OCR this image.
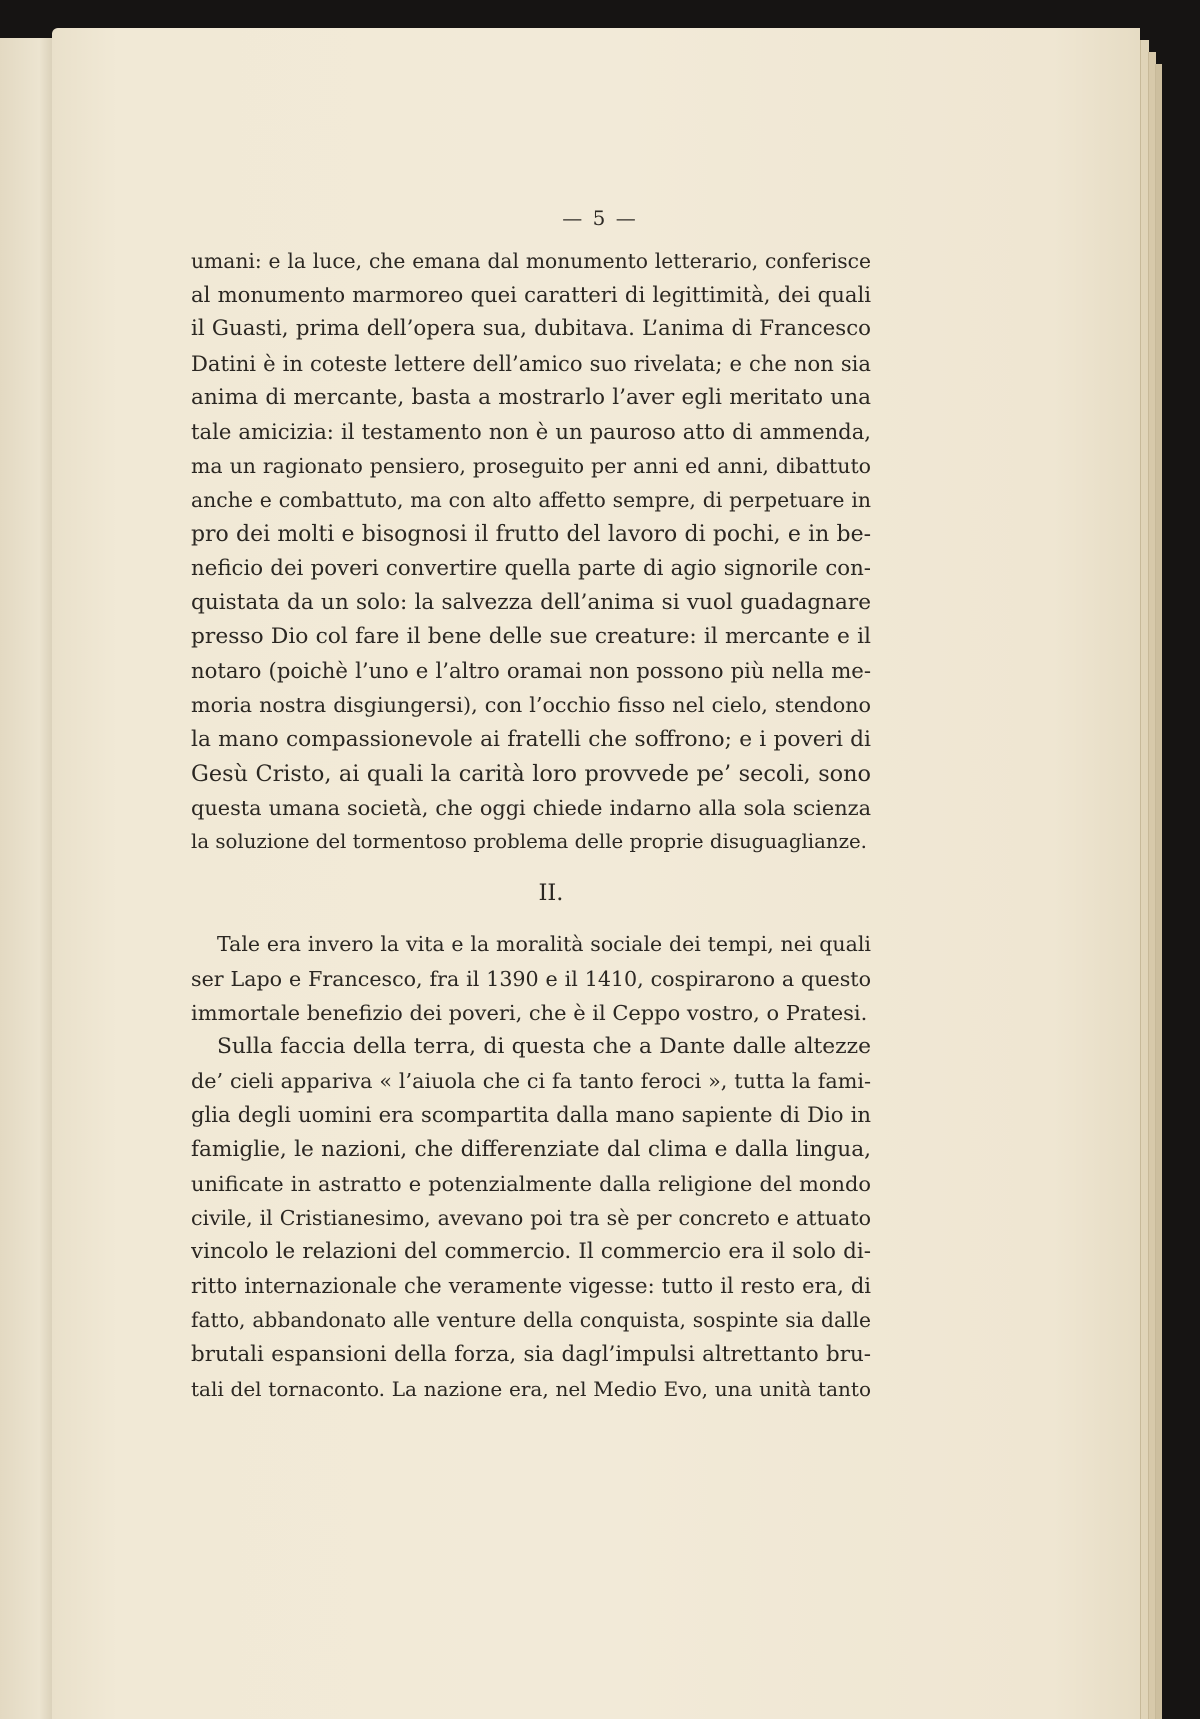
— 5 —
umani: e la luce, che emana dal monumento letterario, conferisce
al monumento marmoreo quei caratteri di legittimità, dei quali
il Guasti, prima dell’opera sua, dubitava. L’anima di Francesco
Datini è in coteste lettere dell’amico suo rivelata; e che non sia
anima di mercante, basta a mostrarlo l’aver egli meritato una
tale amicizia: il testamento non è un pauroso atto di ammenda,
ma un ragionato pensiero, proseguito per anni ed anni, dibattuto
anche e combattuto, ma con alto affetto sempre, di perpetuare in
pro dei molti e bisognosi il frutto del lavoro di pochi, e in be-
neficio dei poveri convertire quella parte di agio signorile con-
quistata da un solo: la salvezza dell’anima si vuol guadagnare
presso Dio col fare il bene delle sue creature: il mercante e il
notaro (poichè l’uno e l’altro oramai non possono più nella me-
moria nostra disgiungersi), con l’occhio fisso nel cielo, stendono
la mano compassionevole ai fratelli che soffrono; e i poveri di
Gesù Cristo, ai quali la carità loro provvede pe’ secoli, sono
questa umana società, che oggi chiede indarno alla sola scienza
la soluzione del tormentoso problema delle proprie disuguaglianze.
II.
Tale era invero la vita e la moralità sociale dei tempi, nei quali
ser Lapo e Francesco, fra il 1390 e il 1410, cospirarono a questo
immortale benefizio dei poveri, che è il Ceppo vostro, o Pratesi.
Sulla faccia della terra, di questa che a Dante dalle altezze
de’ cieli appariva « l’aiuola che ci fa tanto feroci », tutta la fami-
glia degli uomini era scompartita dalla mano sapiente di Dio in
famiglie, le nazioni, che differenziate dal clima e dalla lingua,
unificate in astratto e potenzialmente dalla religione del mondo
civile, il Cristianesimo, avevano poi tra sè per concreto e attuato
vincolo le relazioni del commercio. Il commercio era il solo di-
ritto internazionale che veramente vigesse: tutto il resto era, di
fatto, abbandonato alle venture della conquista, sospinte sia dalle
brutali espansioni della forza, sia dagl’impulsi altrettanto bru-
tali del tornaconto. La nazione era, nel Medio Evo, una unità tanto
